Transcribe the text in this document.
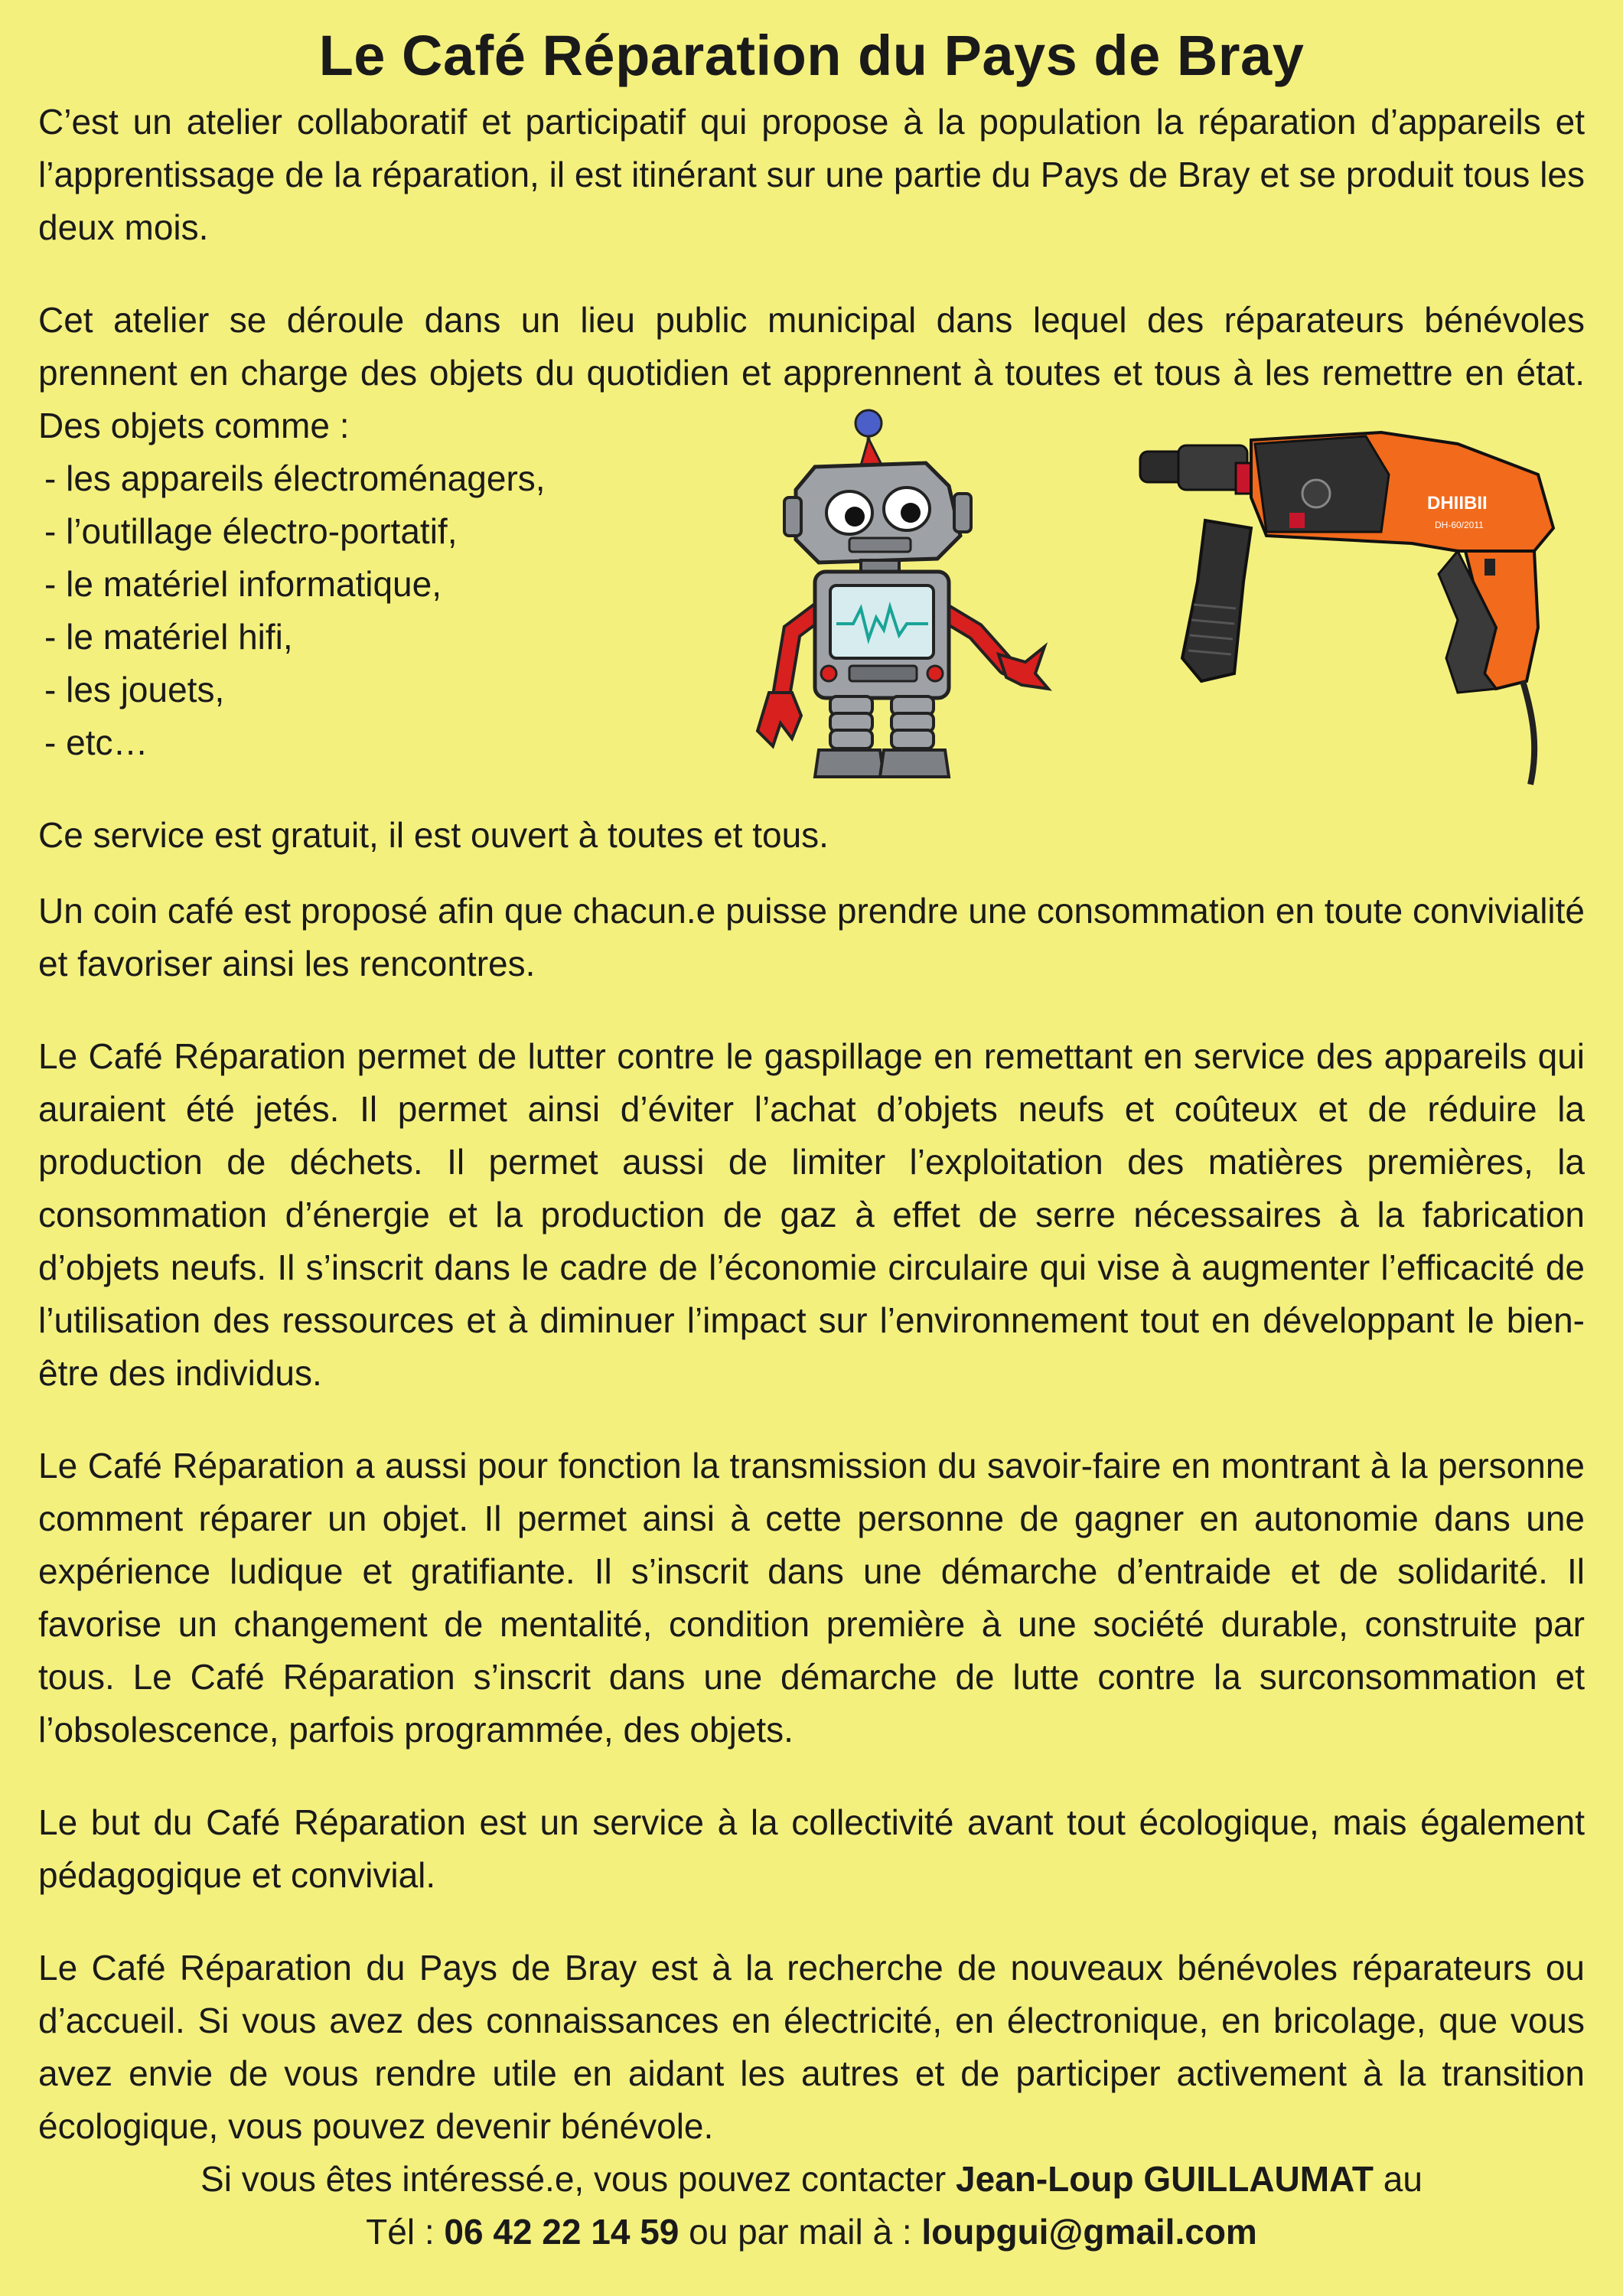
Le Café Réparation du Pays de Bray

C’est un atelier collaboratif et participatif qui propose à la population la réparation d’appareils et l’apprentissage de la réparation, il est itinérant sur une partie du Pays de Bray et se produit tous les deux mois.

Cet atelier se déroule dans un lieu public municipal dans lequel des réparateurs bénévoles prennent en charge des objets du quotidien et apprennent à toutes et tous à les remettre en état. Des objets comme :

- les appareils électroménagers,
- l’outillage électro-portatif,
- le matériel informatique,
- le matériel hifi,
- les jouets,
- etc…

Ce service est gratuit, il est ouvert à toutes et tous.

Un coin café est proposé afin que chacun.e puisse prendre une consommation en toute convivialité et favoriser ainsi les rencontres.

Le Café Réparation permet de lutter contre le gaspillage en remettant en service des appareils qui auraient été jetés. Il permet ainsi d’éviter l’achat d’objets neufs et coûteux et de réduire la production de déchets. Il permet aussi de limiter l’exploitation des matières premières, la consommation d’énergie et la production de gaz à effet de serre nécessaires à la fabrication d’objets neufs. Il s’inscrit dans le cadre de l’économie circulaire qui vise à augmenter l’efficacité de l’utilisation des ressources et à diminuer l’impact sur l’environnement tout en développant le bien-être des individus.

Le Café Réparation a aussi pour fonction la transmission du savoir-faire en montrant à la personne comment réparer un objet. Il permet ainsi à cette personne de gagner en autonomie dans une expérience ludique et gratifiante. Il s’inscrit dans une démarche d’entraide et de solidarité. Il favorise un changement de mentalité, condition première à une société durable, construite par tous. Le Café Réparation s’inscrit dans une démarche de lutte contre la surconsommation et l’obsolescence, parfois programmée, des objets.

Le but du Café Réparation est un service à la collectivité avant tout écologique, mais également pédagogique et convivial.

Le Café Réparation du Pays de Bray est à la recherche de nouveaux bénévoles réparateurs ou d’accueil. Si vous avez des connaissances en électricité, en électronique, en bricolage, que vous avez envie de vous rendre utile en aidant les autres et de participer activement à la transition écologique, vous pouvez devenir bénévole.

Si vous êtes intéressé.e, vous pouvez contacter Jean-Loup GUILLAUMAT au

Tél : 06 42 22 14 59 ou par mail à : loupgui@gmail.com

DHIIBII
DH-60/2011
